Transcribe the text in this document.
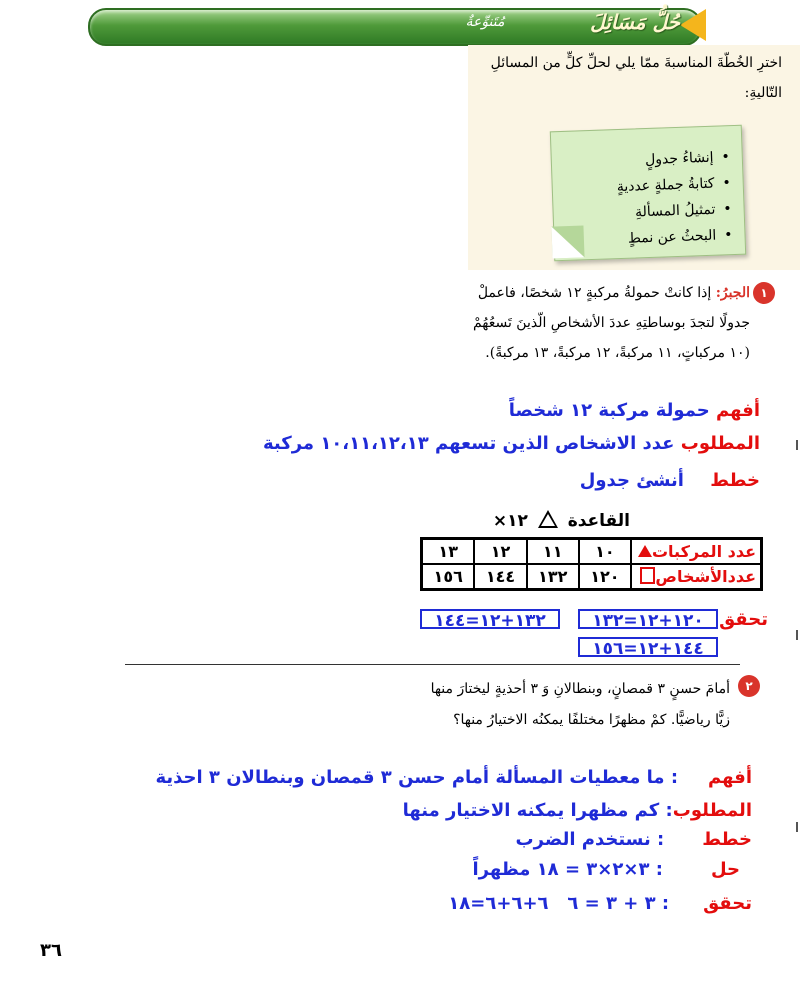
حُلُّ مَسَائِلَ
مُتَنوِّعةٌ
اخترِ الخُطّةَ المناسبةَ ممّا يلي لحلِّ كلٍّ من المسائلِ التّاليةِ:
• إنشاءُ جدولٍ
• كتابةُ جملةٍ عدديةٍ
• تمثيلُ المسألةِ
• البحثُ عن نمطٍ
١
الجبرُ: إذا كانتْ حمولةُ مركبةٍ ١٢ شخصًا، فاعملْ جدولًا لتجدَ بوساطتِهِ عددَ الأشخاصِ الّذينَ تَسعُهُمْ (١٠ مركباتٍ، ١١ مركبةً، ١٢ مركبةً، ١٣ مركبةً).
أفهم حمولة مركبة ١٢ شخصاً
المطلوب عدد الاشخاص الذين تسعهم ١٠،١١،١٢،١٣ مركبة
خطط أنشئ جدول
القاعدة  ١٢×
عدد المركبات	١٠	١١	١٢	١٣
عددالأشخاص	١٢٠	١٣٢	١٤٤	١٥٦
تحقق
١٢٠+١٢=١٣٢
١٣٢+١٢=١٤٤
١٤٤+١٢=١٥٦
٢
أمامَ حسنٍ ٣ قمصانٍ، وبنطالانِ وَ ٣ أحذيةٍ ليختارَ منها زيًّا رياضيًّا. كمْ مظهرًا مختلفًا يمكنُه الاختيارُ منها؟
أفهم: ما معطيات المسألة أمام حسن ٣ قمصان وبنطالان ٣ احذية
المطلوب: كم مظهرا يمكنه الاختيار منها
خطط: نستخدم الضرب
حل: ٣×٢×٣ = ١٨ مظهراً
تحقق: ٣ + ٣ = ٦   ٦+٦+٦=١٨
٣٦
